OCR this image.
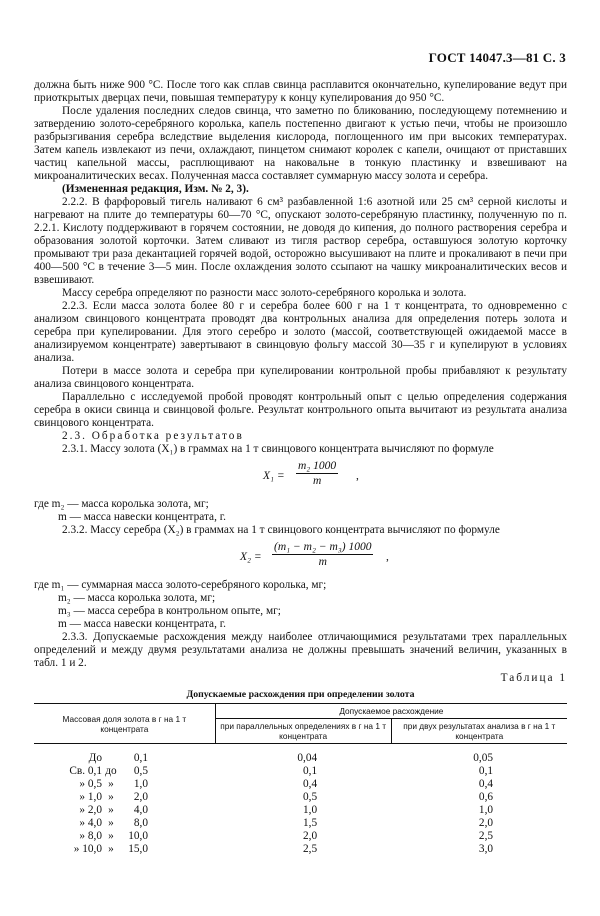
ГОСТ 14047.3—81 С. 3

должна быть ниже 900 °С. После того как сплав свинца расплавится окончательно, купелирование ведут при приоткрытых дверцах печи, повышая температуру к концу купелирования до 950 °С.

После удаления последних следов свинца, что заметно по бликованию, последующему потемнению и затвердению золото-серебряного королька, капель постепенно двигают к устью печи, чтобы не произошло разбрызгивания серебра вследствие выделения кислорода, поглощенного им при высоких температурах. Затем капель извлекают из печи, охлаждают, пинцетом снимают королек с капели, очищают от приставших частиц капельной массы, расплющивают на наковальне в тонкую пластинку и взвешивают на микроаналитических весах. Полученная масса составляет суммарную массу золота и серебра.

(Измененная редакция, Изм. № 2, 3).

2.2.2. В фарфоровый тигель наливают 6 см³ разбавленной 1:6 азотной или 25 см³ серной кислоты и нагревают на плите до температуры 60—70 °С, опускают золото-серебряную пластинку, полученную по п. 2.2.1. Кислоту поддерживают в горячем состоянии, не доводя до кипения, до полного растворения серебра и образования золотой корточки. Затем сливают из тигля раствор серебра, оставшуюся золотую корточку промывают три раза декантацией горячей водой, осторожно высушивают на плите и прокаливают в печи при 400—500 °С в течение 3—5 мин. После охлаждения золото ссыпают на чашку микроаналитических весов и взвешивают.

Массу серебра определяют по разности масс золото-серебряного королька и золота.

2.2.3. Если масса золота более 80 г и серебра более 600 г на 1 т концентрата, то одновременно с анализом свинцового концентрата проводят два контрольных анализа для определения потерь золота и серебра при купелировании. Для этого серебро и золото (массой, соответствующей ожидаемой массе в анализируемом концентрате) завертывают в свинцовую фольгу массой 30—35 г и купелируют в условиях анализа.

Потери в массе золота и серебра при купелировании контрольной пробы прибавляют к результату анализа свинцового концентрата.

Параллельно с исследуемой пробой проводят контрольный опыт с целью определения содержания серебра в окиси свинца и свинцовой фольге. Результат контрольного опыта вычитают из результата анализа свинцового концентрата.

2.3. Обработка результатов

2.3.1. Массу золота (X₁) в граммах на 1 т свинцового концентрата вычисляют по формуле

$X_1 = \frac{\text{m₂ 1000}}{m}$ ,

где m₂ — масса королька золота, мг;

m — масса навески концентрата, г.

2.3.2. Массу серебра (X₂) в граммах на 1 т свинцового концентрата вычисляют по формуле

$X_2 = \frac{\text{(m₁ − m₂ − m₃) 1000}}{m}$ ,

где m₁ — суммарная масса золото-серебряного королька, мг;

m₂ — масса королька золота, мг;

m₃ — масса серебра в контрольном опыте, мг;

m — масса навески концентрата, г.

2.3.3. Допускаемые расхождения между наиболее отличающимися результатами трех параллельных определений и между двумя результатами анализа не должны превышать значений величин, указанных в табл. 1 и 2.

Таблица 1
Допускаемые расхождения при определении золота
Массовая доля золота в г на 1 т концентрата	Допускаемое расхождение	
	при параллельных определениях в г на 1 т концентрата	при двух результатах анализа в г на 1 т концентрата
До 0,1	0,04	0,05
Св. 0,1 до 0,5	0,1	0,1
» 0,5 » 1,0	0,4	0,4
» 1,0 » 2,0	0,5	0,6
» 2,0 » 4,0	1,0	1,0
» 4,0 » 8,0	1,5	2,0
» 8,0 » 10,0	2,0	2,5
» 10,0 » 15,0	2,5	3,0
